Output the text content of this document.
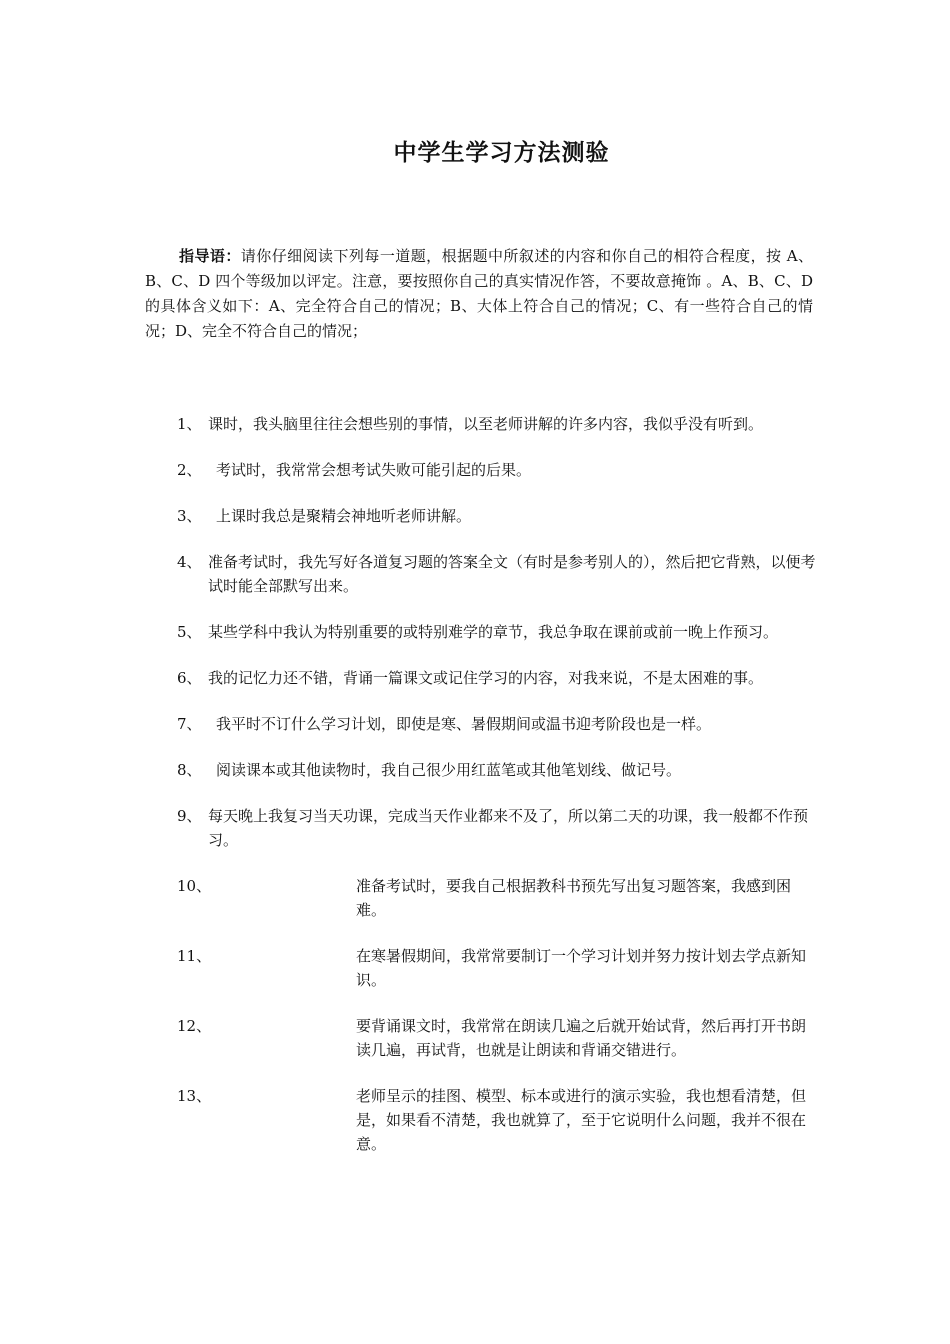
中学生学习方法测验

指导语：请你仔细阅读下列每一道题，根据题中所叙述的内容和你自己的相符合程度，按 A、B、C、D 四个等级加以评定。注意，要按照你自己的真实情况作答，不要故意掩饰 。A、B、C、D 的具体含义如下：A、完全符合自己的情况；B、大体上符合自己的情况；C、有一些符合自己的情况；D、完全不符合自己的情况；

1、 课时，我头脑里往往会想些别的事情，以至老师讲解的许多内容，我似乎没有听到。
2、 考试时，我常常会想考试失败可能引起的后果。
3、 上课时我总是聚精会神地听老师讲解。
4、 准备考试时，我先写好各道复习题的答案全文（有时是参考别人的），然后把它背熟，以便考试时能全部默写出来。
5、 某些学科中我认为特别重要的或特别难学的章节，我总争取在课前或前一晚上作预习。
6、 我的记忆力还不错，背诵一篇课文或记住学习的内容，对我来说，不是太困难的事。
7、 我平时不订什么学习计划，即使是寒、暑假期间或温书迎考阶段也是一样。
8、 阅读课本或其他读物时，我自己很少用红蓝笔或其他笔划线、做记号。
9、 每天晚上我复习当天功课，完成当天作业都来不及了，所以第二天的功课，我一般都不作预习。
10、	准备考试时，要我自己根据教科书预先写出复习题答案，我感到困难。
11、	在寒暑假期间，我常常要制订一个学习计划并努力按计划去学点新知识。
12、	要背诵课文时，我常常在朗读几遍之后就开始试背，然后再打开书朗读几遍，再试背，也就是让朗读和背诵交错进行。
13、	老师呈示的挂图、模型、标本或进行的演示实验，我也想看清楚，但是，如果看不清楚，我也就算了，至于它说明什么问题，我并不很在意。
